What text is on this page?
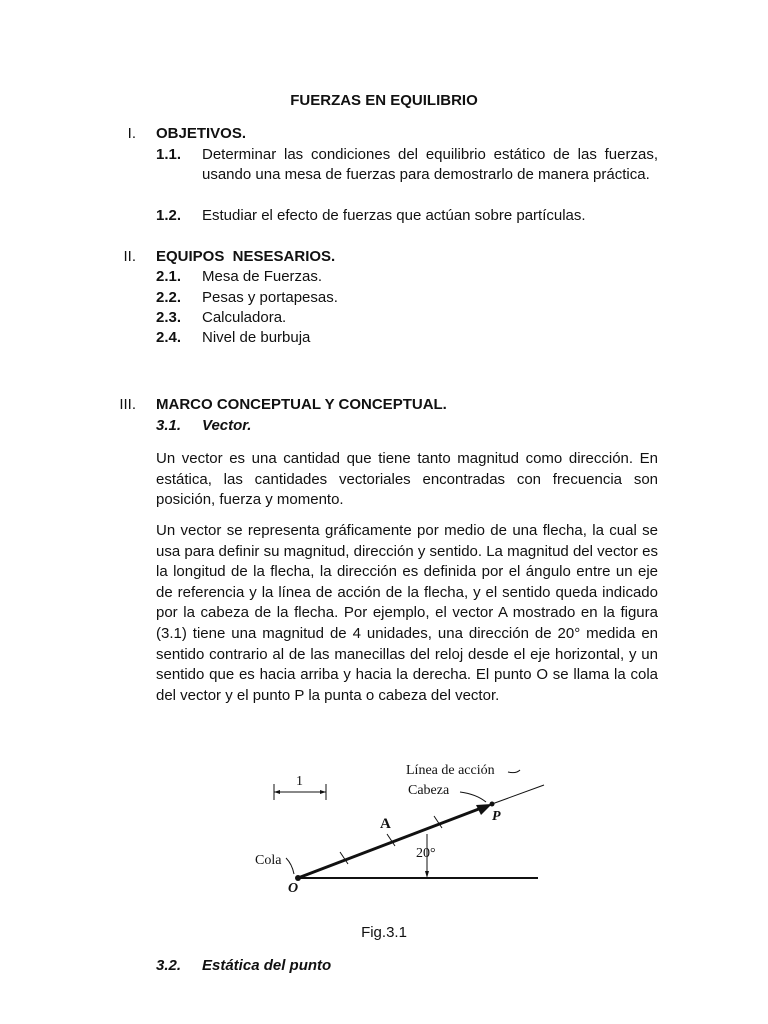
FUERZAS EN EQUILIBRIO
I. OBJETIVOS.
1.1. Determinar las condiciones del equilibrio estático de las fuerzas, usando una mesa de fuerzas para demostrarlo de manera práctica.
1.2. Estudiar el efecto de fuerzas que actúan sobre partículas.
II. EQUIPOS  NESESARIOS.
2.1. Mesa de Fuerzas.
2.2. Pesas y portapesas.
2.3. Calculadora.
2.4. Nivel de burbuja
III. MARCO CONCEPTUAL Y CONCEPTUAL.
3.1. Vector.

Un vector es una cantidad que tiene tanto magnitud como dirección. En estática, las cantidades vectoriales encontradas con frecuencia son posición, fuerza y momento.

Un vector se representa gráficamente por medio de una flecha, la cual se usa para definir su magnitud, dirección y sentido. La magnitud del vector es la longitud de la flecha, la dirección es definida por el ángulo entre un eje de referencia y la línea de acción de la flecha, y el sentido queda indicado por la cabeza de la flecha. Por ejemplo, el vector A mostrado en la figura (3.1) tiene una magnitud de 4 unidades, una dirección de 20° medida en sentido contrario al de las manecillas del reloj desde el eje horizontal, y un sentido que es hacia arriba y hacia la derecha. El punto O se llama la cola del vector y el punto P la punta o cabeza del vector.

Línea de acción
Cabeza
1
A	P
20°
Cola
O
Fig.3.1
3.2. Estática del punto
